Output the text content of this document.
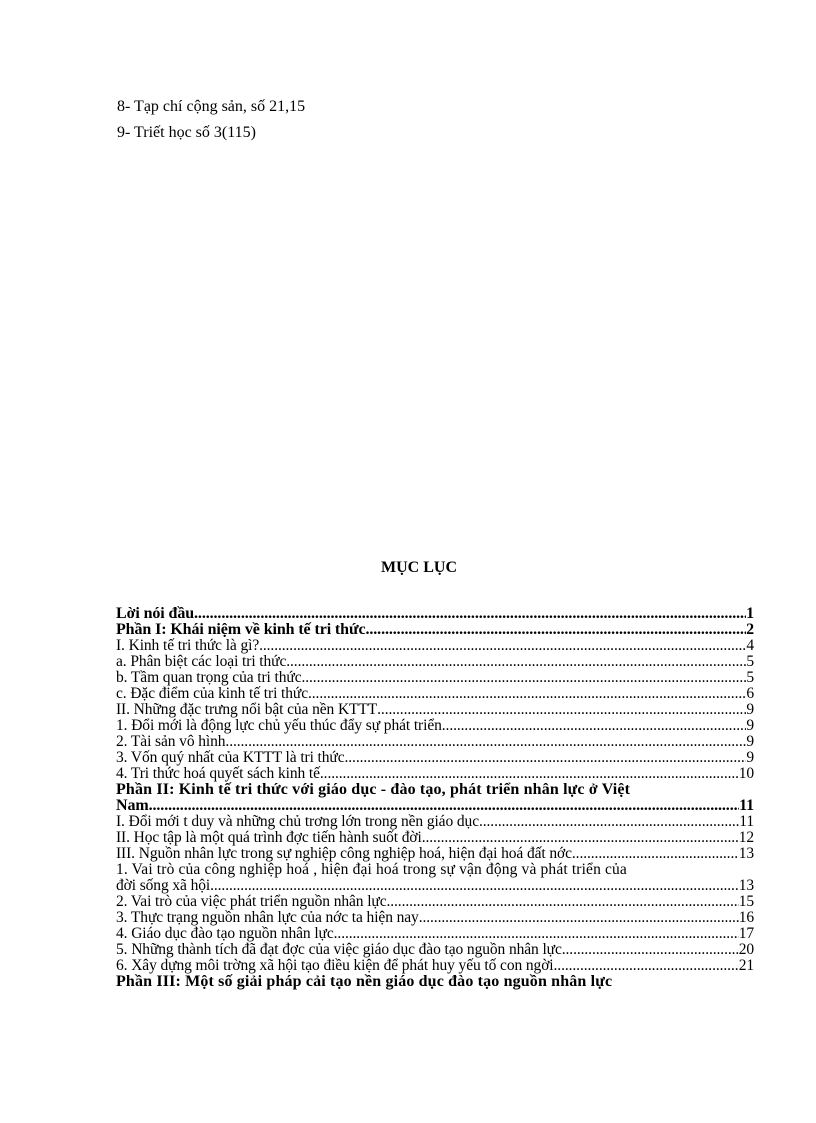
8- Tạp chí cộng sản, số 21,15
9- Triết học số 3(115)
MỤC LỤC
Lời nói đầu .....	1
Phần I: Khái niệm về kinh tế tri thức .....	2
I. Kinh tế tri thức là gì? .....	4
a. Phân biệt các loại tri thức .....	5
b. Tầm quan trọng của tri thức .....	5
c. Đặc điểm của kinh tế tri thức .....	6
II. Những đặc trưng nổi bật của nền KTTT .....	9
1. Đổi mới là động lực chủ yếu thúc đẩy sự phát triển .....	9
2. Tài sản vô hình .....	9
3. Vốn quý nhất của KTTT là tri thức .....	9
4. Tri thức hoá quyết sách kinh tế .....	10
Phần II: Kinh tế tri thức với giáo dục - đào tạo, phát triển nhân lực ở Việt
Nam .....	11
I. Đổi mới t duy và những chủ trơng lớn trong nền giáo dục .....	11
II. Học tập là một quá trình đợc tiến hành suốt đời .....	12
III. Nguồn nhân lực trong sự nghiệp công nghiệp hoá, hiện đại hoá đất nớc .....	13
1. Vai trò của công nghiệp hoá , hiện đại hoá trong sự vận động và phát triển của
đời sống xã hội .....	13
2. Vai trò của việc phát triển nguồn nhân lực .....	15
3. Thực trạng nguồn nhân lực của nớc ta hiện nay .....	16
4. Giáo dục đào tạo nguồn nhân lực .....	17
5. Những thành tích đã đạt đợc của việc giáo dục đào tạo nguồn nhân lực .....	20
6. Xây dựng môi trờng xã hội tạo điều kiện để phát huy yếu tố con ngời .....	21
Phần III: Một số giải pháp cải tạo nền giáo dục đào tạo nguồn nhân lực
